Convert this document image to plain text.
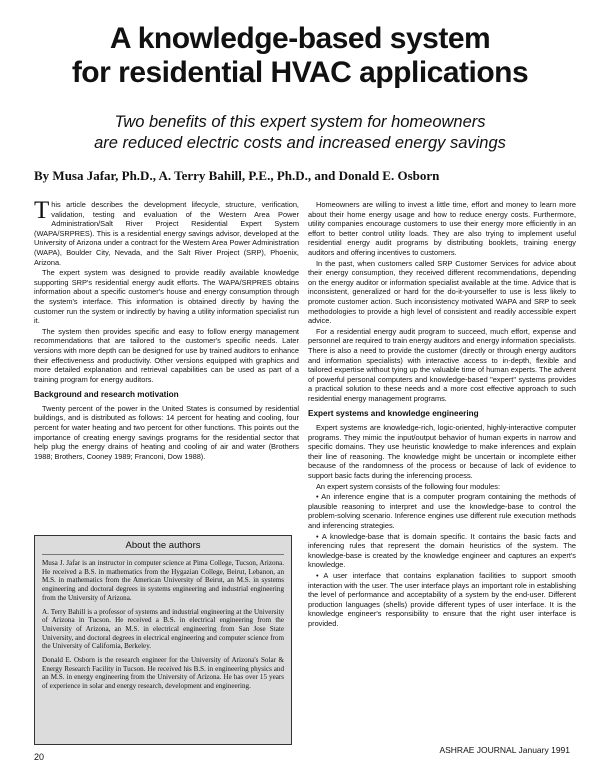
A knowledge-based system
for residential HVAC applications

Two benefits of this expert system for homeowners
are reduced electric costs and increased energy savings

By Musa Jafar, Ph.D., A. Terry Bahill, P.E., Ph.D., and Donald E. Osborn

This article describes the development lifecycle, structure, verification, validation, testing and evaluation of the Western Area Power Administration/Salt River Project Residential Expert System (WAPA/SRPRES). This is a residential energy savings advisor, developed at the University of Arizona under a contract for the Western Area Power Administration (WAPA), Boulder City, Nevada, and the Salt River Project (SRP), Phoenix, Arizona.

The expert system was designed to provide readily available knowledge supporting SRP's residential energy audit efforts. The WAPA/SRPRES obtains information about a specific customer's house and energy consumption through the system's interface. This information is obtained directly by having the customer run the system or indirectly by having a utility information specialist run it.

The system then provides specific and easy to follow energy management recommendations that are tailored to the customer's specific needs. Later versions with more depth can be designed for use by trained auditors to enhance their effectiveness and productivity. Other versions equipped with graphics and more detailed explanation and retrieval capabilities can be used as part of a training program for energy auditors.

Background and research motivation

Twenty percent of the power in the United States is consumed by residential buildings, and is distributed as follows: 14 percent for heating and cooling, four percent for water heating and two percent for other functions. This points out the importance of creating energy savings programs for the residential sector that help plug the energy drains of heating and cooling of air and water (Brothers 1988; Brothers, Cooney 1989; Franconi, Dow 1988).

About the authors

Musa J. Jafar is an instructor in computer science at Pima College, Tucson, Arizona. He received a B.S. in mathematics from the Hygazian College, Beirut, Lebanon, an M.S. in mathematics from the American University of Beirut, an M.S. in systems engineering and doctoral degrees in systems engineering and industrial engineering from the University of Arizona.

A. Terry Bahill is a professor of systems and industrial engineering at the University of Arizona in Tucson. He received a B.S. in electrical engineering from the University of Arizona, an M.S. in electrical engineering from San Jose State University, and doctoral degrees in electrical engineering and computer science from the University of California, Berkeley.

Donald E. Osborn is the research engineer for the University of Arizona's Solar & Energy Research Facility in Tucson. He received his B.S. in engineering physics and an M.S. in energy engineering from the University of Arizona. He has over 15 years of experience in solar and energy research, development and engineering.

Homeowners are willing to invest a little time, effort and money to learn more about their home energy usage and how to reduce energy costs. Furthermore, utility companies encourage customers to use their energy more efficiently in an effort to better control utility loads. They are also trying to implement useful residential energy audit programs by distributing booklets, training energy auditors and offering incentives to customers.

In the past, when customers called SRP Customer Services for advice about their energy consumption, they received different recommendations, depending on the energy auditor or information specialist available at the time. Advice that is inconsistent, generalized or hard for the do-it-yourselfer to use is less likely to promote customer action. Such inconsistency motivated WAPA and SRP to seek methodologies to provide a high level of consistent and readily accessible expert advice.

For a residential energy audit program to succeed, much effort, expense and personnel are required to train energy auditors and energy information specialists. There is also a need to provide the customer (directly or through energy auditors and information specialists) with interactive access to in-depth, flexible and tailored expertise without tying up the valuable time of human experts. The advent of powerful personal computers and knowledge-based "expert" systems provides a practical solution to these needs and a more cost effective approach to such residential energy management programs.

Expert systems and knowledge engineering

Expert systems are knowledge-rich, logic-oriented, highly-interactive computer programs. They mimic the input/output behavior of human experts in narrow and specific domains. They use heuristic knowledge to make inferences and explain their line of reasoning. The knowledge might be uncertain or incomplete either because of the randomness of the process or because of lack of evidence to support basic facts during the inferencing process.

An expert system consists of the following four modules:

• An inference engine that is a computer program containing the methods of plausible reasoning to interpret and use the knowledge-base to control the problem-solving scenario. Inference engines use different rule execution methods and inferencing strategies.

• A knowledge-base that is domain specific. It contains the basic facts and inferencing rules that represent the domain heuristics of the system. The knowledge-base is created by the knowledge engineer and captures an expert's knowledge.

• A user interface that contains explanation facilities to support smooth interaction with the user. The user interface plays an important role in establishing the level of performance and acceptability of a system by the end-user. Different production languages (shells) provide different types of user interface. It is the knowledge engineer's responsibility to ensure that the right user interface is provided.

20

ASHRAE JOURNAL January 1991
